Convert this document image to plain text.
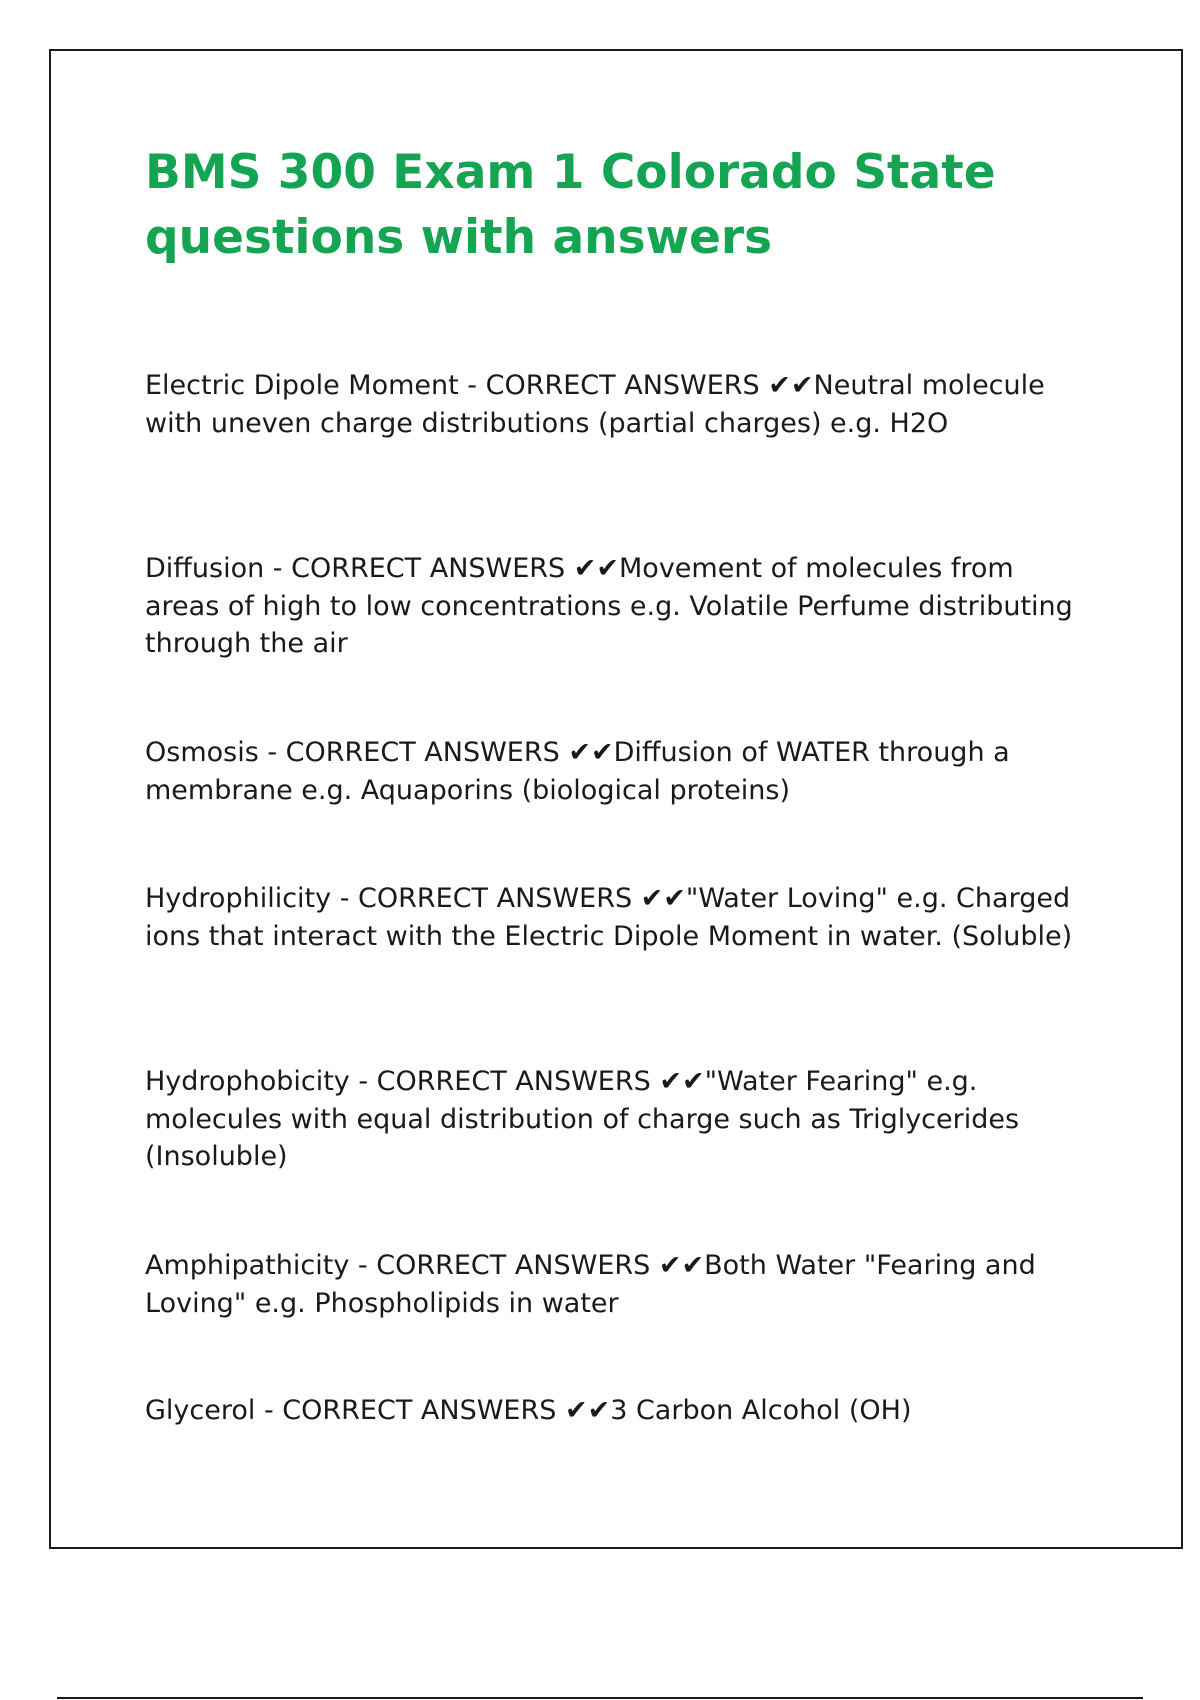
BMS 300 Exam 1 Colorado State questions with answers

Electric Dipole Moment - CORRECT ANSWERS ✔✔Neutral molecule with uneven charge distributions (partial charges) e.g. H2O

Diffusion - CORRECT ANSWERS ✔✔Movement of molecules from areas of high to low concentrations e.g. Volatile Perfume distributing through the air

Osmosis - CORRECT ANSWERS ✔✔Diffusion of WATER through a membrane e.g. Aquaporins (biological proteins)

Hydrophilicity - CORRECT ANSWERS ✔✔"Water Loving" e.g. Charged ions that interact with the Electric Dipole Moment in water. (Soluble)

Hydrophobicity - CORRECT ANSWERS ✔✔"Water Fearing" e.g. molecules with equal distribution of charge such as Triglycerides (Insoluble)

Amphipathicity - CORRECT ANSWERS ✔✔Both Water "Fearing and Loving" e.g. Phospholipids in water

Glycerol - CORRECT ANSWERS ✔✔3 Carbon Alcohol (OH)
